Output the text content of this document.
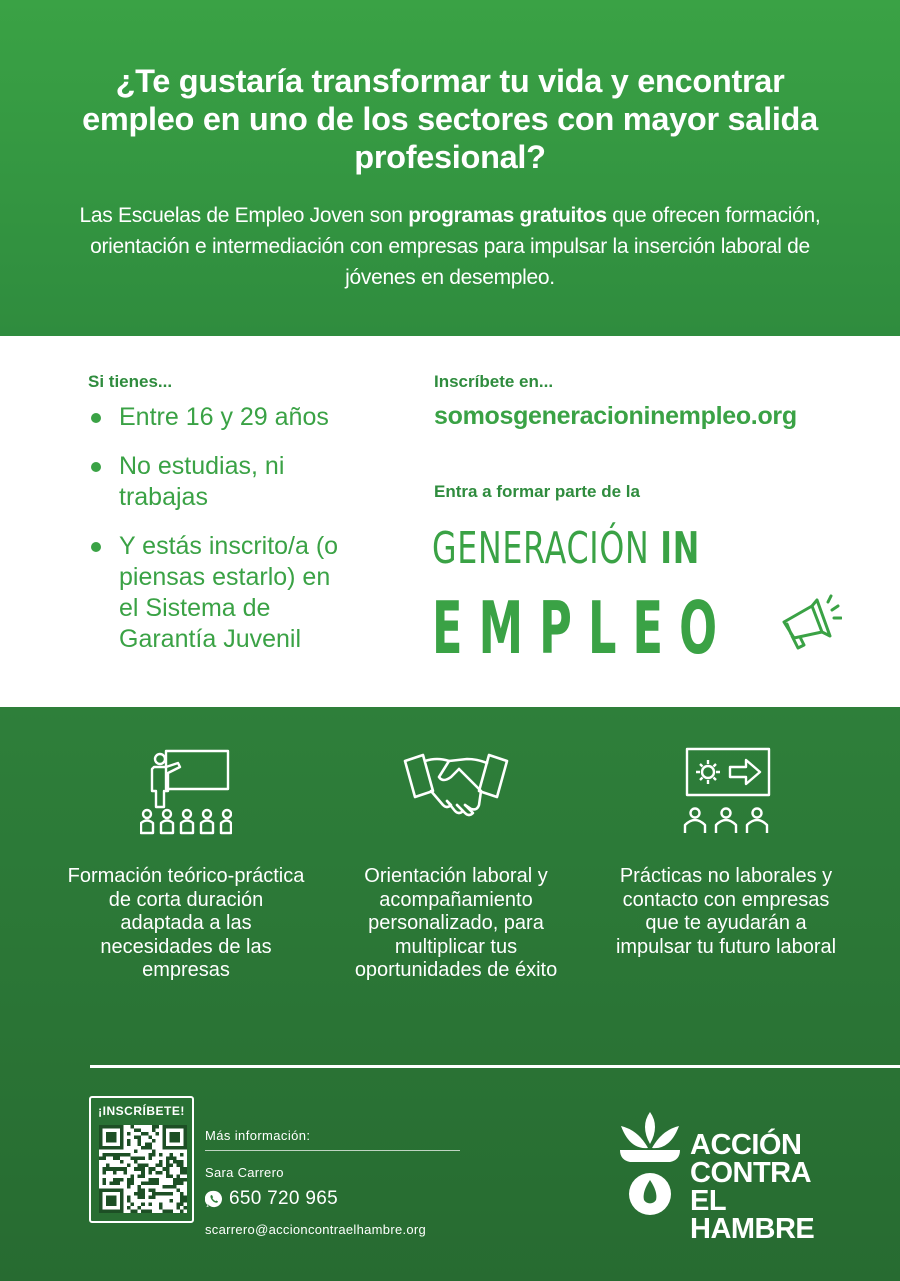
¿Te gustaría transformar tu vida y encontrar empleo en uno de los sectores con mayor salida profesional?

Las Escuelas de Empleo Joven son programas gratuitos que ofrecen formación, orientación e intermediación con empresas para impulsar la inserción laboral de jóvenes en desempleo.

Si tienes...
Entre 16 y 29 años
No estudias, ni trabajas
Y estás inscrito/a (o piensas estarlo) en el Sistema de Garantía Juvenil
Inscríbete en...
somosgeneracioninempleo.org
Entra a formar parte de la
GENERACIÓN IN
EMPLEO
Formación teórico-práctica de corta duración adaptada a las necesidades de las empresas
Orientación laboral y acompañamiento personalizado, para multiplicar tus oportunidades de éxito
Prácticas no laborales y contacto con empresas que te ayudarán a impulsar tu futuro laboral
¡INSCRÍBETE!
Más información:
Sara Carrero
650 720 965
scarrero@accioncontraelhambre.org
ACCIÓN
CONTRA EL
HAMBRE
